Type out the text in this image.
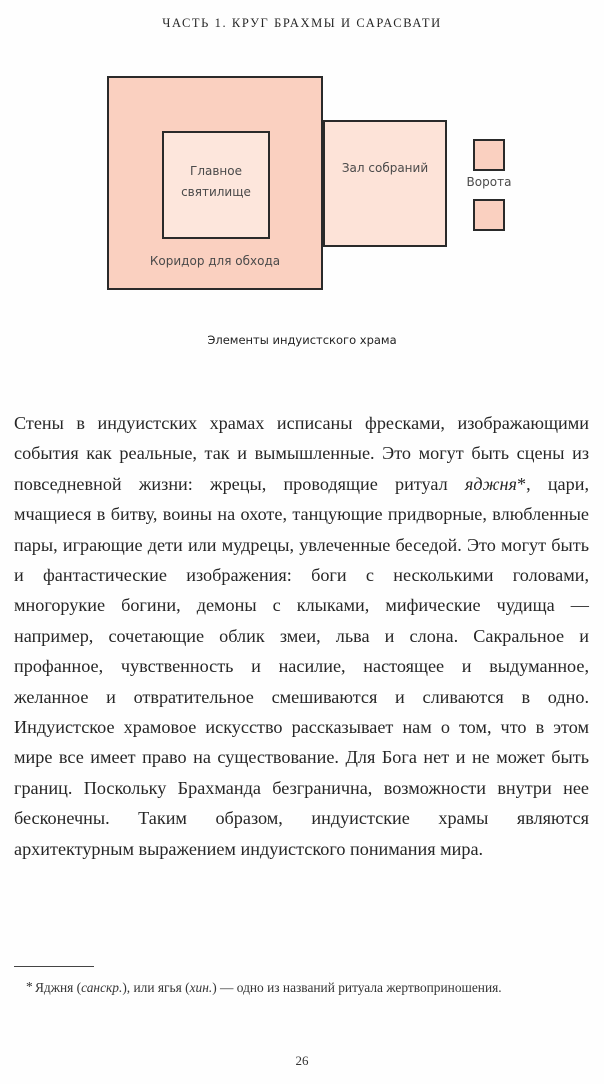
ЧАСТЬ 1. КРУГ БРАХМЫ И САРАСВАТИ
Главное святилище
Зал собраний
Коридор для обхода
Ворота
Элементы индуистского храма
Стены в индуистских храмах исписаны фресками, изображающими события как реальные, так и вымышленные. Это могут быть сцены из повседневной жизни: жрецы, проводящие ритуал яджня*, цари, мчащиеся в битву, воины на охоте, танцующие придворные, влюбленные пары, играющие дети или мудрецы, увлеченные беседой. Это могут быть и фантастические изображения: боги с несколькими головами, многорукие богини, демоны с клыками, мифические чудища — например, сочетающие облик змеи, льва и слона. Сакральное и профанное, чувственность и насилие, настоящее и выдуманное, желанное и отвратительное смешиваются и сливаются в одно. Индуистское храмовое искусство рассказывает нам о том, что в этом мире все имеет право на существование. Для Бога нет и не может быть границ. Поскольку Брахманда безгранична, возможности внутри нее бесконечны. Таким образом, индуистские храмы являются архитектурным выражением индуистского понимания мира.
* Яджня (санскр.), или ягья (хин.) — одно из названий ритуала жертвоприношения.
26
